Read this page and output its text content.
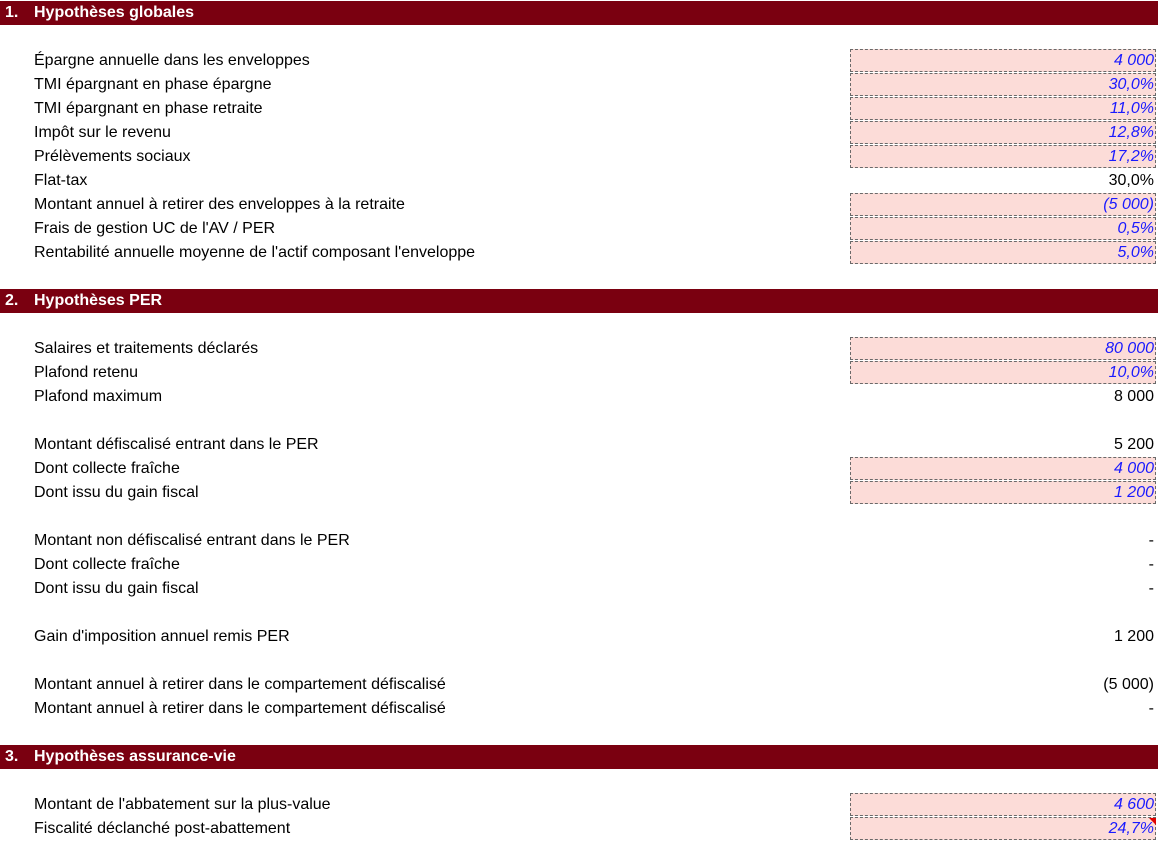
1. Hypothèses globales
Épargne annuelle dans les enveloppes	4 000
TMI épargnant en phase épargne	30,0%
TMI épargnant en phase retraite	11,0%
Impôt sur le revenu	12,8%
Prélèvements sociaux	17,2%
Flat-tax	30,0%
Montant annuel à retirer des enveloppes à la retraite	(5 000)
Frais de gestion UC de l'AV / PER	0,5%
Rentabilité annuelle moyenne de l'actif composant l'enveloppe	5,0%
2. Hypothèses PER
Salaires et traitements déclarés	80 000
Plafond retenu	10,0%
Plafond maximum	8 000
Montant défiscalisé entrant dans le PER	5 200
Dont collecte fraîche	4 000
Dont issu du gain fiscal	1 200
Montant non défiscalisé entrant dans le PER	-
Dont collecte fraîche	-
Dont issu du gain fiscal	-
Gain d'imposition annuel remis PER	1 200
Montant annuel à retirer dans le compartement défiscalisé	(5 000)
Montant annuel à retirer dans le compartement défiscalisé	-
3. Hypothèses assurance-vie
Montant de l'abbatement sur la plus-value	4 600
Fiscalité déclanché post-abattement	24,7%
